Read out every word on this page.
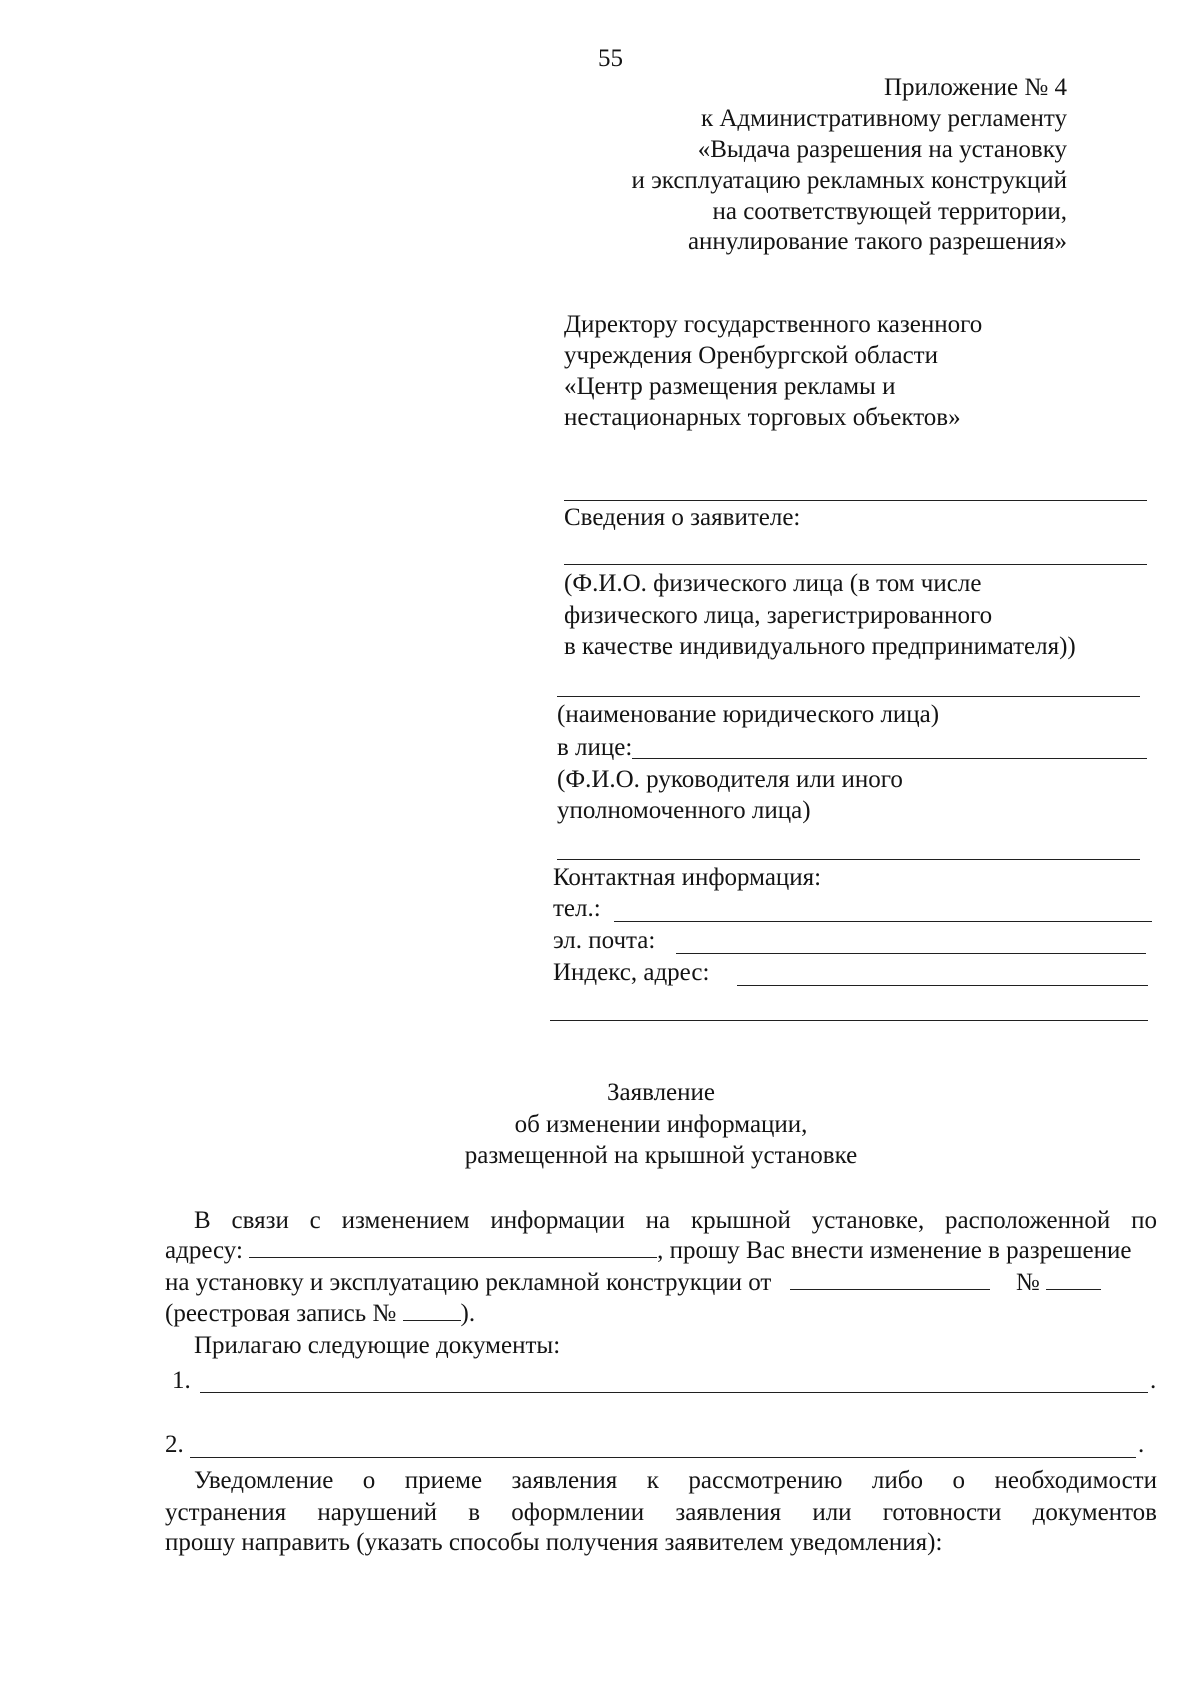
55
Приложение № 4
к Административному регламенту
«Выдача разрешения на установку
и эксплуатацию рекламных конструкций
на соответствующей территории,
аннулирование такого разрешения»
Директору государственного казенного
учреждения Оренбургской области
«Центр размещения рекламы и
нестационарных торговых объектов»
Сведения о заявителе:
(Ф.И.О. физического лица (в том числе
физического лица, зарегистрированного
в качестве индивидуального предпринимателя))
(наименование юридического лица)
в лице:
(Ф.И.О. руководителя или иного
уполномоченного лица)
Контактная информация:
тел.:
эл. почта:
Индекс, адрес:
Заявление
об изменении информации,
размещенной на крышной установке
В связи с изменением информации на крышной установке, расположенной по
адресу:	, прошу Вас внести изменение в разрешение
на установку и эксплуатацию рекламной конструкции от	№
(реестровая запись №	).
Прилагаю следующие документы:
1.	.
2.	.
Уведомление о приеме заявления к рассмотрению либо о необходимости
устранения нарушений в оформлении заявления или готовности документов
прошу направить (указать способы получения заявителем уведомления):
